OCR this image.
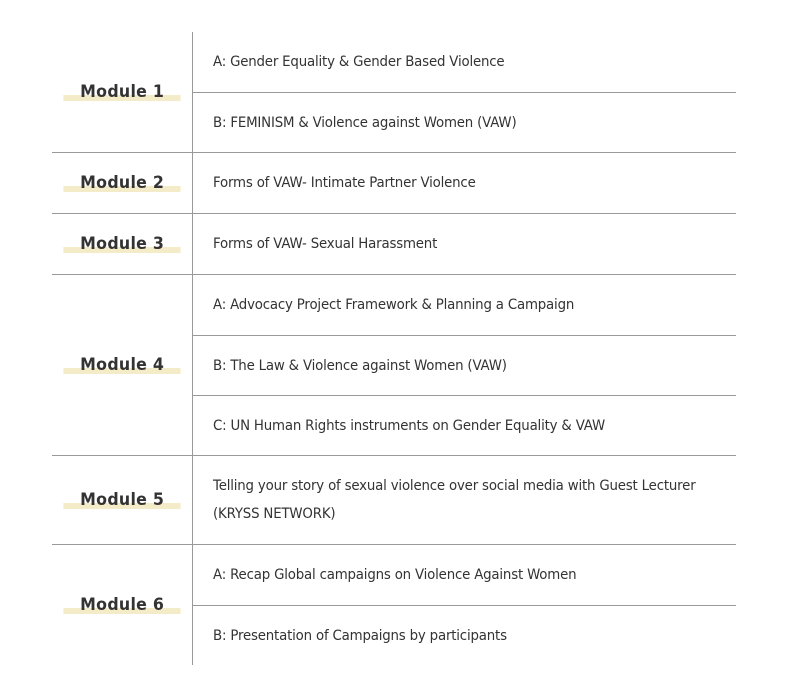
Module 1
A: Gender Equality & Gender Based Violence
B: FEMINISM & Violence against Women (VAW)
Module 2	Forms of VAW- Intimate Partner Violence
Module 3	Forms of VAW- Sexual Harassment
Module 4
A: Advocacy Project Framework & Planning a Campaign
B: The Law & Violence against Women (VAW)
C: UN Human Rights instruments on Gender Equality & VAW
Module 5
Telling your story of sexual violence over social media with Guest Lecturer (KRYSS NETWORK)
Module 6
A: Recap Global campaigns on Violence Against Women
B: Presentation of Campaigns by participants
